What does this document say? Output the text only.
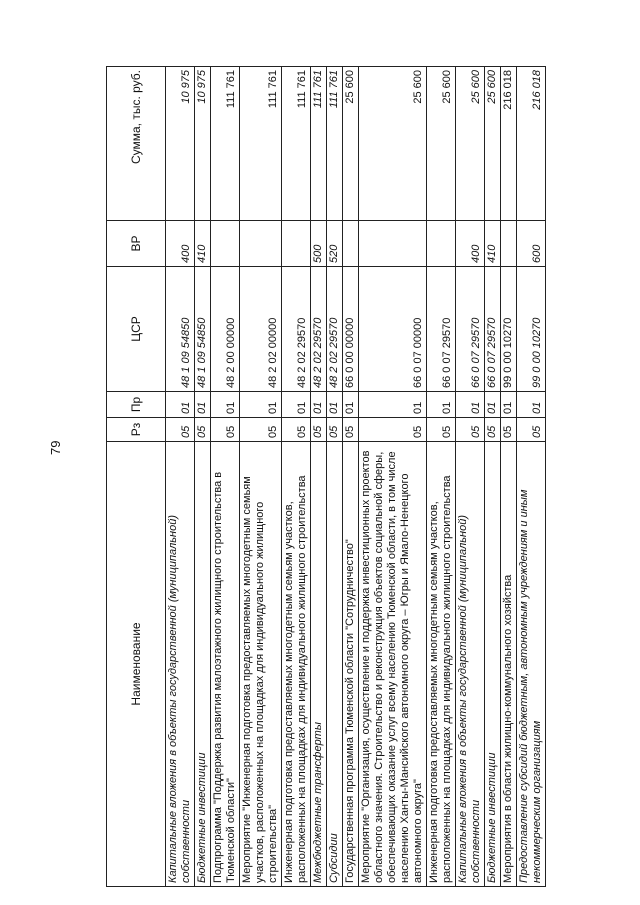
79
Наименование	Рз	Пр	ЦСР	ВР	Сумма, тыс. руб.
Капитальные вложения в объекты государственной (муниципальной) собственности	05	01	48 1 09 54850	400	10 975
Бюджетные инвестиции	05	01	48 1 09 54850	410	10 975
Подпрограмма "Поддержка развития малоэтажного жилищного строительства в Тюменской области"	05	01	48 2 00 00000		111 761
Мероприятие "Инженерная подготовка предоставляемых многодетным семьям участков, расположенных на площадках для индивидуального жилищного строительства"	05	01	48 2 02 00000		111 761
Инженерная подготовка предоставляемых многодетным семьям участков, расположенных на площадках для индивидуального жилищного строительства	05	01	48 2 02 29570		111 761
Межбюджетные трансферты	05	01	48 2 02 29570	500	111 761
Субсидии	05	01	48 2 02 29570	520	111 761
Государственная программа Тюменской области "Сотрудничество"	05	01	66 0 00 00000		25 600
Мероприятие "Организация, осуществление и поддержка инвестиционных проектов областного значения. Строительство и реконструкция объектов социальной сферы, обеспечивающих оказание услуг всему населению Тюменской области, в том числе населению Ханты-Мансийского автономного округа – Югры и Ямало-Ненецкого автономного округа"	05	01	66 0 07 00000		25 600
Инженерная подготовка предоставляемых многодетным семьям участков, расположенных на площадках для индивидуального жилищного строительства	05	01	66 0 07 29570		25 600
Капитальные вложения в объекты государственной (муниципальной) собственности	05	01	66 0 07 29570	400	25 600
Бюджетные инвестиции	05	01	66 0 07 29570	410	25 600
Мероприятия в области жилищно-коммунального хозяйства	05	01	99 0 00 10270		216 018
Предоставление субсидий бюджетным, автономным учреждениям и иным некоммерческим организациям	05	01	99 0 00 10270	600	216 018
